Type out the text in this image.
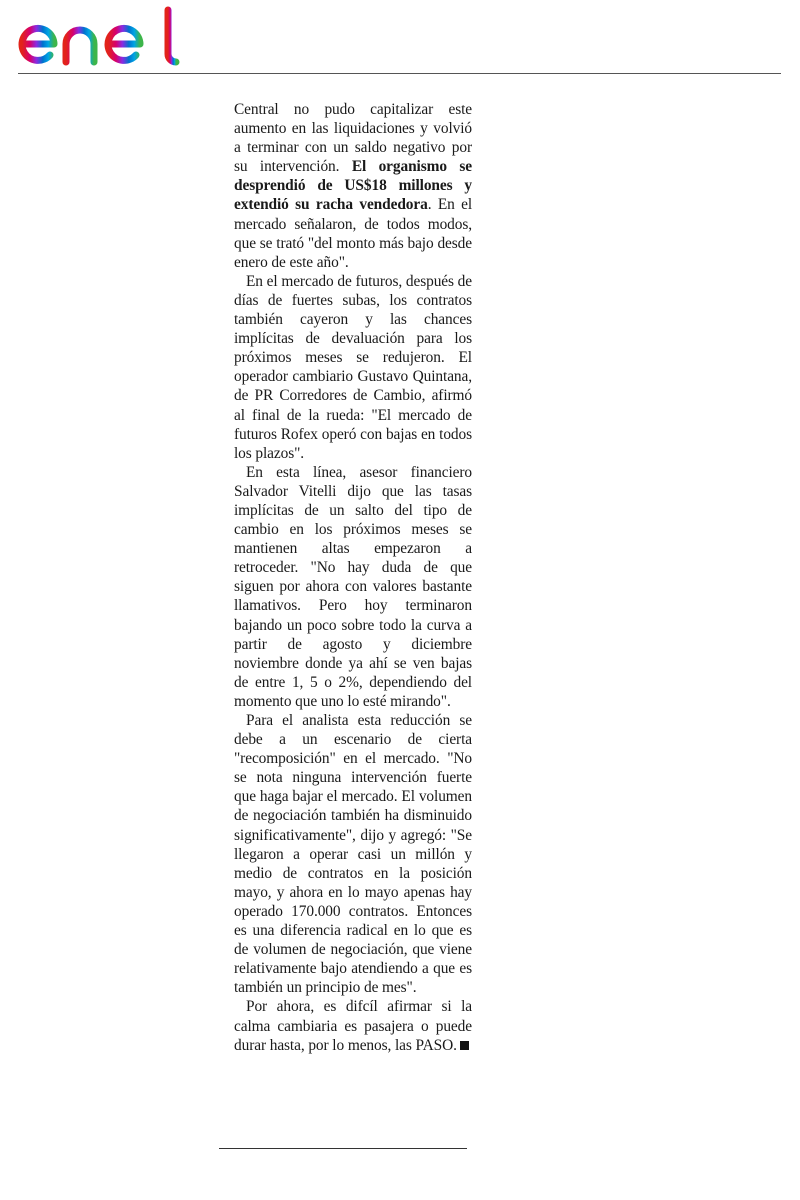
Central no pudo capitalizar este aumento en las liquidaciones y volvió a terminar con un saldo negativo por su intervención. El organismo se desprendió de US$18 millones y extendió su racha vendedora. En el mercado señalaron, de todos modos, que se trató "del monto más bajo desde enero de este año".

En el mercado de futuros, después de días de fuertes subas, los contratos también cayeron y las chances implícitas de devaluación para los próximos meses se redujeron. El operador cambiario Gustavo Quintana, de PR Corredores de Cambio, afirmó al final de la rueda: "El mercado de futuros Rofex operó con bajas en todos los plazos".

En esta línea, asesor financiero Salvador Vitelli dijo que las tasas implícitas de un salto del tipo de cambio en los próximos meses se mantienen altas empezaron a retroceder. "No hay duda de que siguen por ahora con valores bastante llamativos. Pero hoy terminaron bajando un poco sobre todo la curva a partir de agosto y diciembre noviembre donde ya ahí se ven bajas de entre 1, 5 o 2%, dependiendo del momento que uno lo esté mirando".

Para el analista esta reducción se debe a un escenario de cierta "recomposición" en el mercado. "No se nota ninguna intervención fuerte que haga bajar el mercado. El volumen de negociación también ha disminuido significativamente", dijo y agregó: "Se llegaron a operar casi un millón y medio de contratos en la posición mayo, y ahora en lo mayo apenas hay operado 170.000 contratos. Entonces es una diferencia radical en lo que es de volumen de negociación, que viene relativamente bajo atendiendo a que es también un principio de mes".

Por ahora, es difcíl afirmar si la calma cambiaria es pasajera o puede durar hasta, por lo menos, las PASO.
